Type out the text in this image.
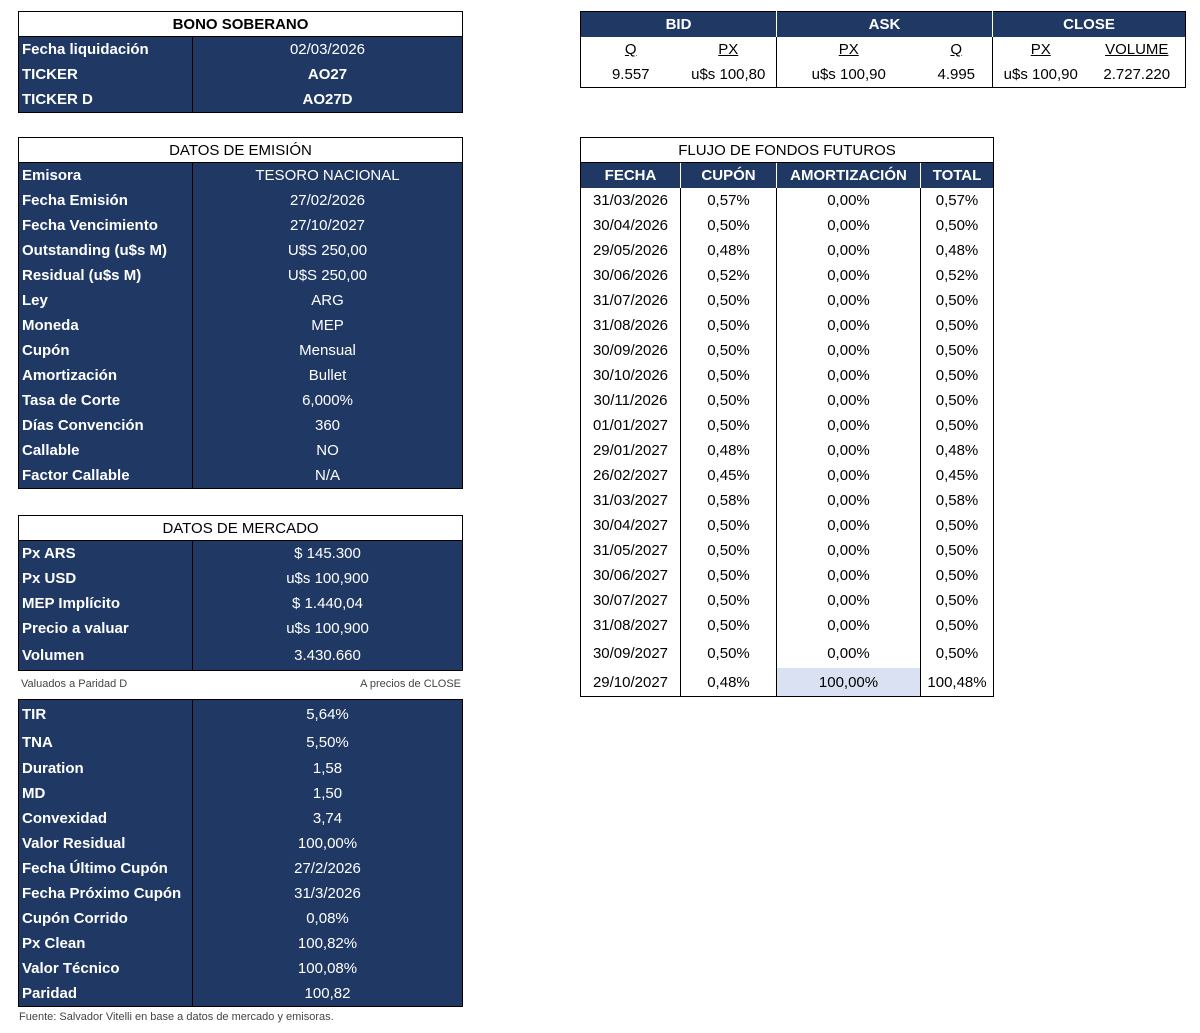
BONO SOBERANO	
Fecha liquidación	02/03/2026
TICKER	AO27
TICKER D	AO27D
DATOS DE EMISIÓN	
Emisora	TESORO NACIONAL
Fecha Emisión	27/02/2026
Fecha Vencimiento	27/10/2027
Outstanding (u$s M)	U$S 250,00
Residual (u$s M)	U$S 250,00
Ley	ARG
Moneda	MEP
Cupón	Mensual
Amortización	Bullet
Tasa de Corte	6,000%
Días Convención	360
Callable	NO
Factor Callable	N/A
DATOS DE MERCADO	
Px ARS	$ 145.300
Px USD	u$s 100,900
MEP Implícito	$ 1.440,04
Precio a valuar	u$s 100,900
Volumen	3.430.660
Valuados a Paridad D	A precios de CLOSE
TIR	5,64%
TNA	5,50%
Duration	1,58
MD	1,50
Convexidad	3,74
Valor Residual	100,00%
Fecha Último Cupón	27/2/2026
Fecha Próximo Cupón	31/3/2026
Cupón Corrido	0,08%
Px Clean	100,82%
Valor Técnico	100,08%
Paridad	100,82
Fuente: Salvador Vitelli en base a datos de mercado y emisoras.
BID		ASK		CLOSE	
Q	PX	PX	Q	PX	VOLUME
9.557	u$s 100,80	u$s 100,90	4.995	u$s 100,90	2.727.220
FLUJO DE FONDOS FUTUROS			
FECHA	CUPÓN	AMORTIZACIÓN	TOTAL
31/03/2026	0,57%	0,00%	0,57%
30/04/2026	0,50%	0,00%	0,50%
29/05/2026	0,48%	0,00%	0,48%
30/06/2026	0,52%	0,00%	0,52%
31/07/2026	0,50%	0,00%	0,50%
31/08/2026	0,50%	0,00%	0,50%
30/09/2026	0,50%	0,00%	0,50%
30/10/2026	0,50%	0,00%	0,50%
30/11/2026	0,50%	0,00%	0,50%
01/01/2027	0,50%	0,00%	0,50%
29/01/2027	0,48%	0,00%	0,48%
26/02/2027	0,45%	0,00%	0,45%
31/03/2027	0,58%	0,00%	0,58%
30/04/2027	0,50%	0,00%	0,50%
31/05/2027	0,50%	0,00%	0,50%
30/06/2027	0,50%	0,00%	0,50%
30/07/2027	0,50%	0,00%	0,50%
31/08/2027	0,50%	0,00%	0,50%
30/09/2027	0,50%	0,00%	0,50%
29/10/2027	0,48%	100,00%	100,48%
